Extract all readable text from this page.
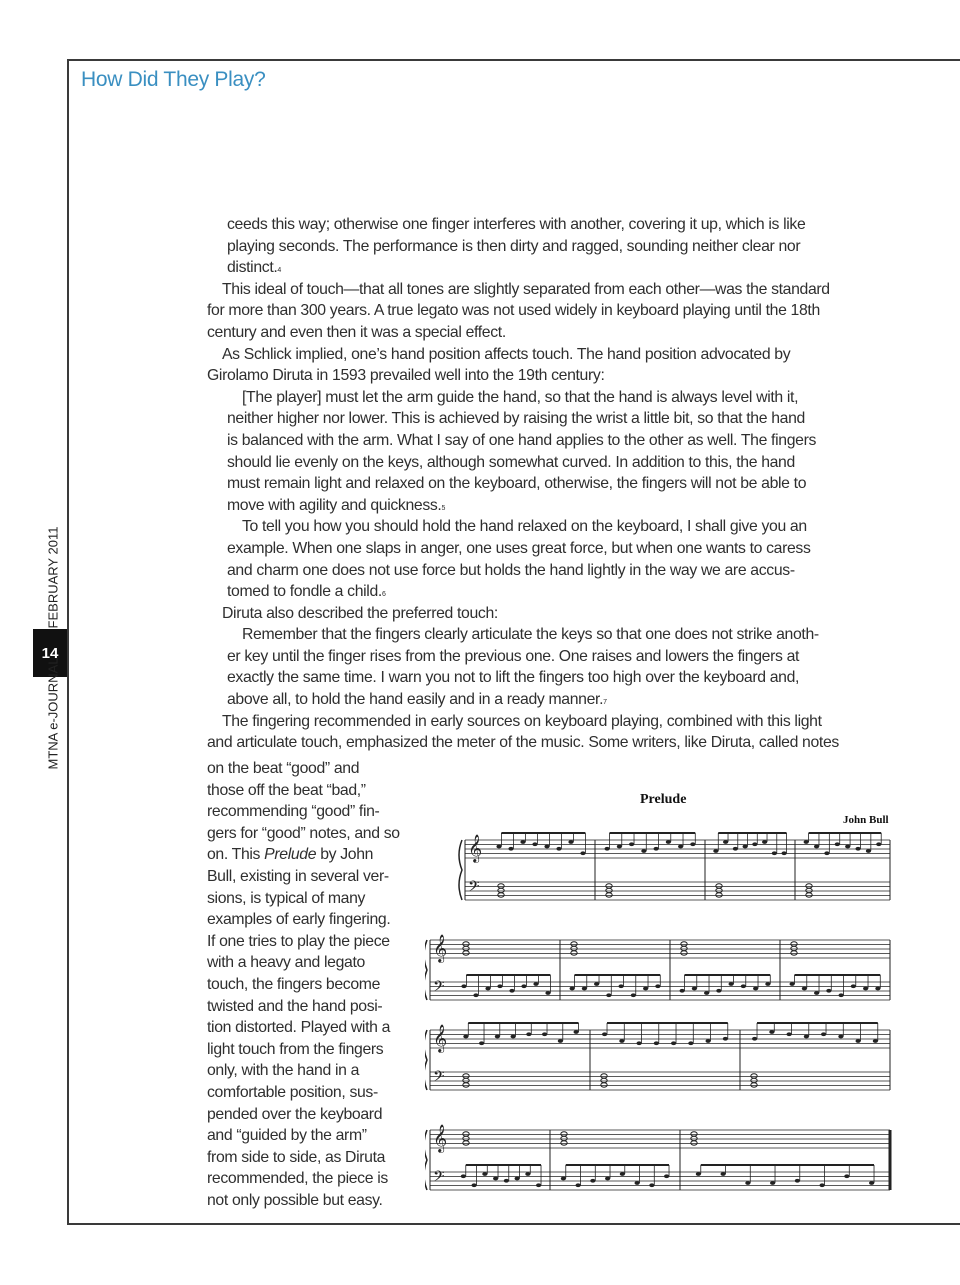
How Did They Play?
FEBRUARY 2011
14
MTNA e-JOURNAL
ceeds this way; otherwise one finger interferes with another, covering it up, which is like
playing seconds. The performance is then dirty and ragged, sounding neither clear nor
distinct.$^4$
This ideal of touch—that all tones are slightly separated from each other—was the standard
for more than 300 years. A true legato was not used widely in keyboard playing until the 18th
century and even then it was a special effect.
As Schlick implied, one’s hand position affects touch. The hand position advocated by
Girolamo Diruta in 1593 prevailed well into the 19th century:
[The player] must let the arm guide the hand, so that the hand is always level with it,
neither higher nor lower. This is achieved by raising the wrist a little bit, so that the hand
is balanced with the arm. What I say of one hand applies to the other as well. The fingers
should lie evenly on the keys, although somewhat curved. In addition to this, the hand
must remain light and relaxed on the keyboard, otherwise, the fingers will not be able to
move with agility and quickness.$^5$
To tell you how you should hold the hand relaxed on the keyboard, I shall give you an
example. When one slaps in anger, one uses great force, but when one wants to caress
and charm one does not use force but holds the hand lightly in the way we are accus-
tomed to fondle a child.$^6$
Diruta also described the preferred touch:
Remember that the fingers clearly articulate the keys so that one does not strike anoth-
er key until the finger rises from the previous one. One raises and lowers the fingers at
exactly the same time. I warn you not to lift the fingers too high over the keyboard and,
above all, to hold the hand easily and in a ready manner.$^7$
The fingering recommended in early sources on keyboard playing, combined with this light
and articulate touch, emphasized the meter of the music. Some writers, like Diruta, called notes
on the beat “good” and
those off the beat “bad,”
recommending “good” fin-
gers for “good” notes, and so
on. This Prelude by John
Bull, existing in several ver-
sions, is typical of many
examples of early fingering.
If one tries to play the piece
with a heavy and legato
touch, the fingers become
twisted and the hand posi-
tion distorted. Played with a
light touch from the fingers
only, with the hand in a
comfortable position, sus-
pended over the keyboard
and “guided by the arm”
from side to side, as Diruta
recommended, the piece is
not only possible but easy.
Prelude
John Bull
𝄞
𝄢
𝄞
𝄢
𝄞
𝄢
𝄞
𝄢
